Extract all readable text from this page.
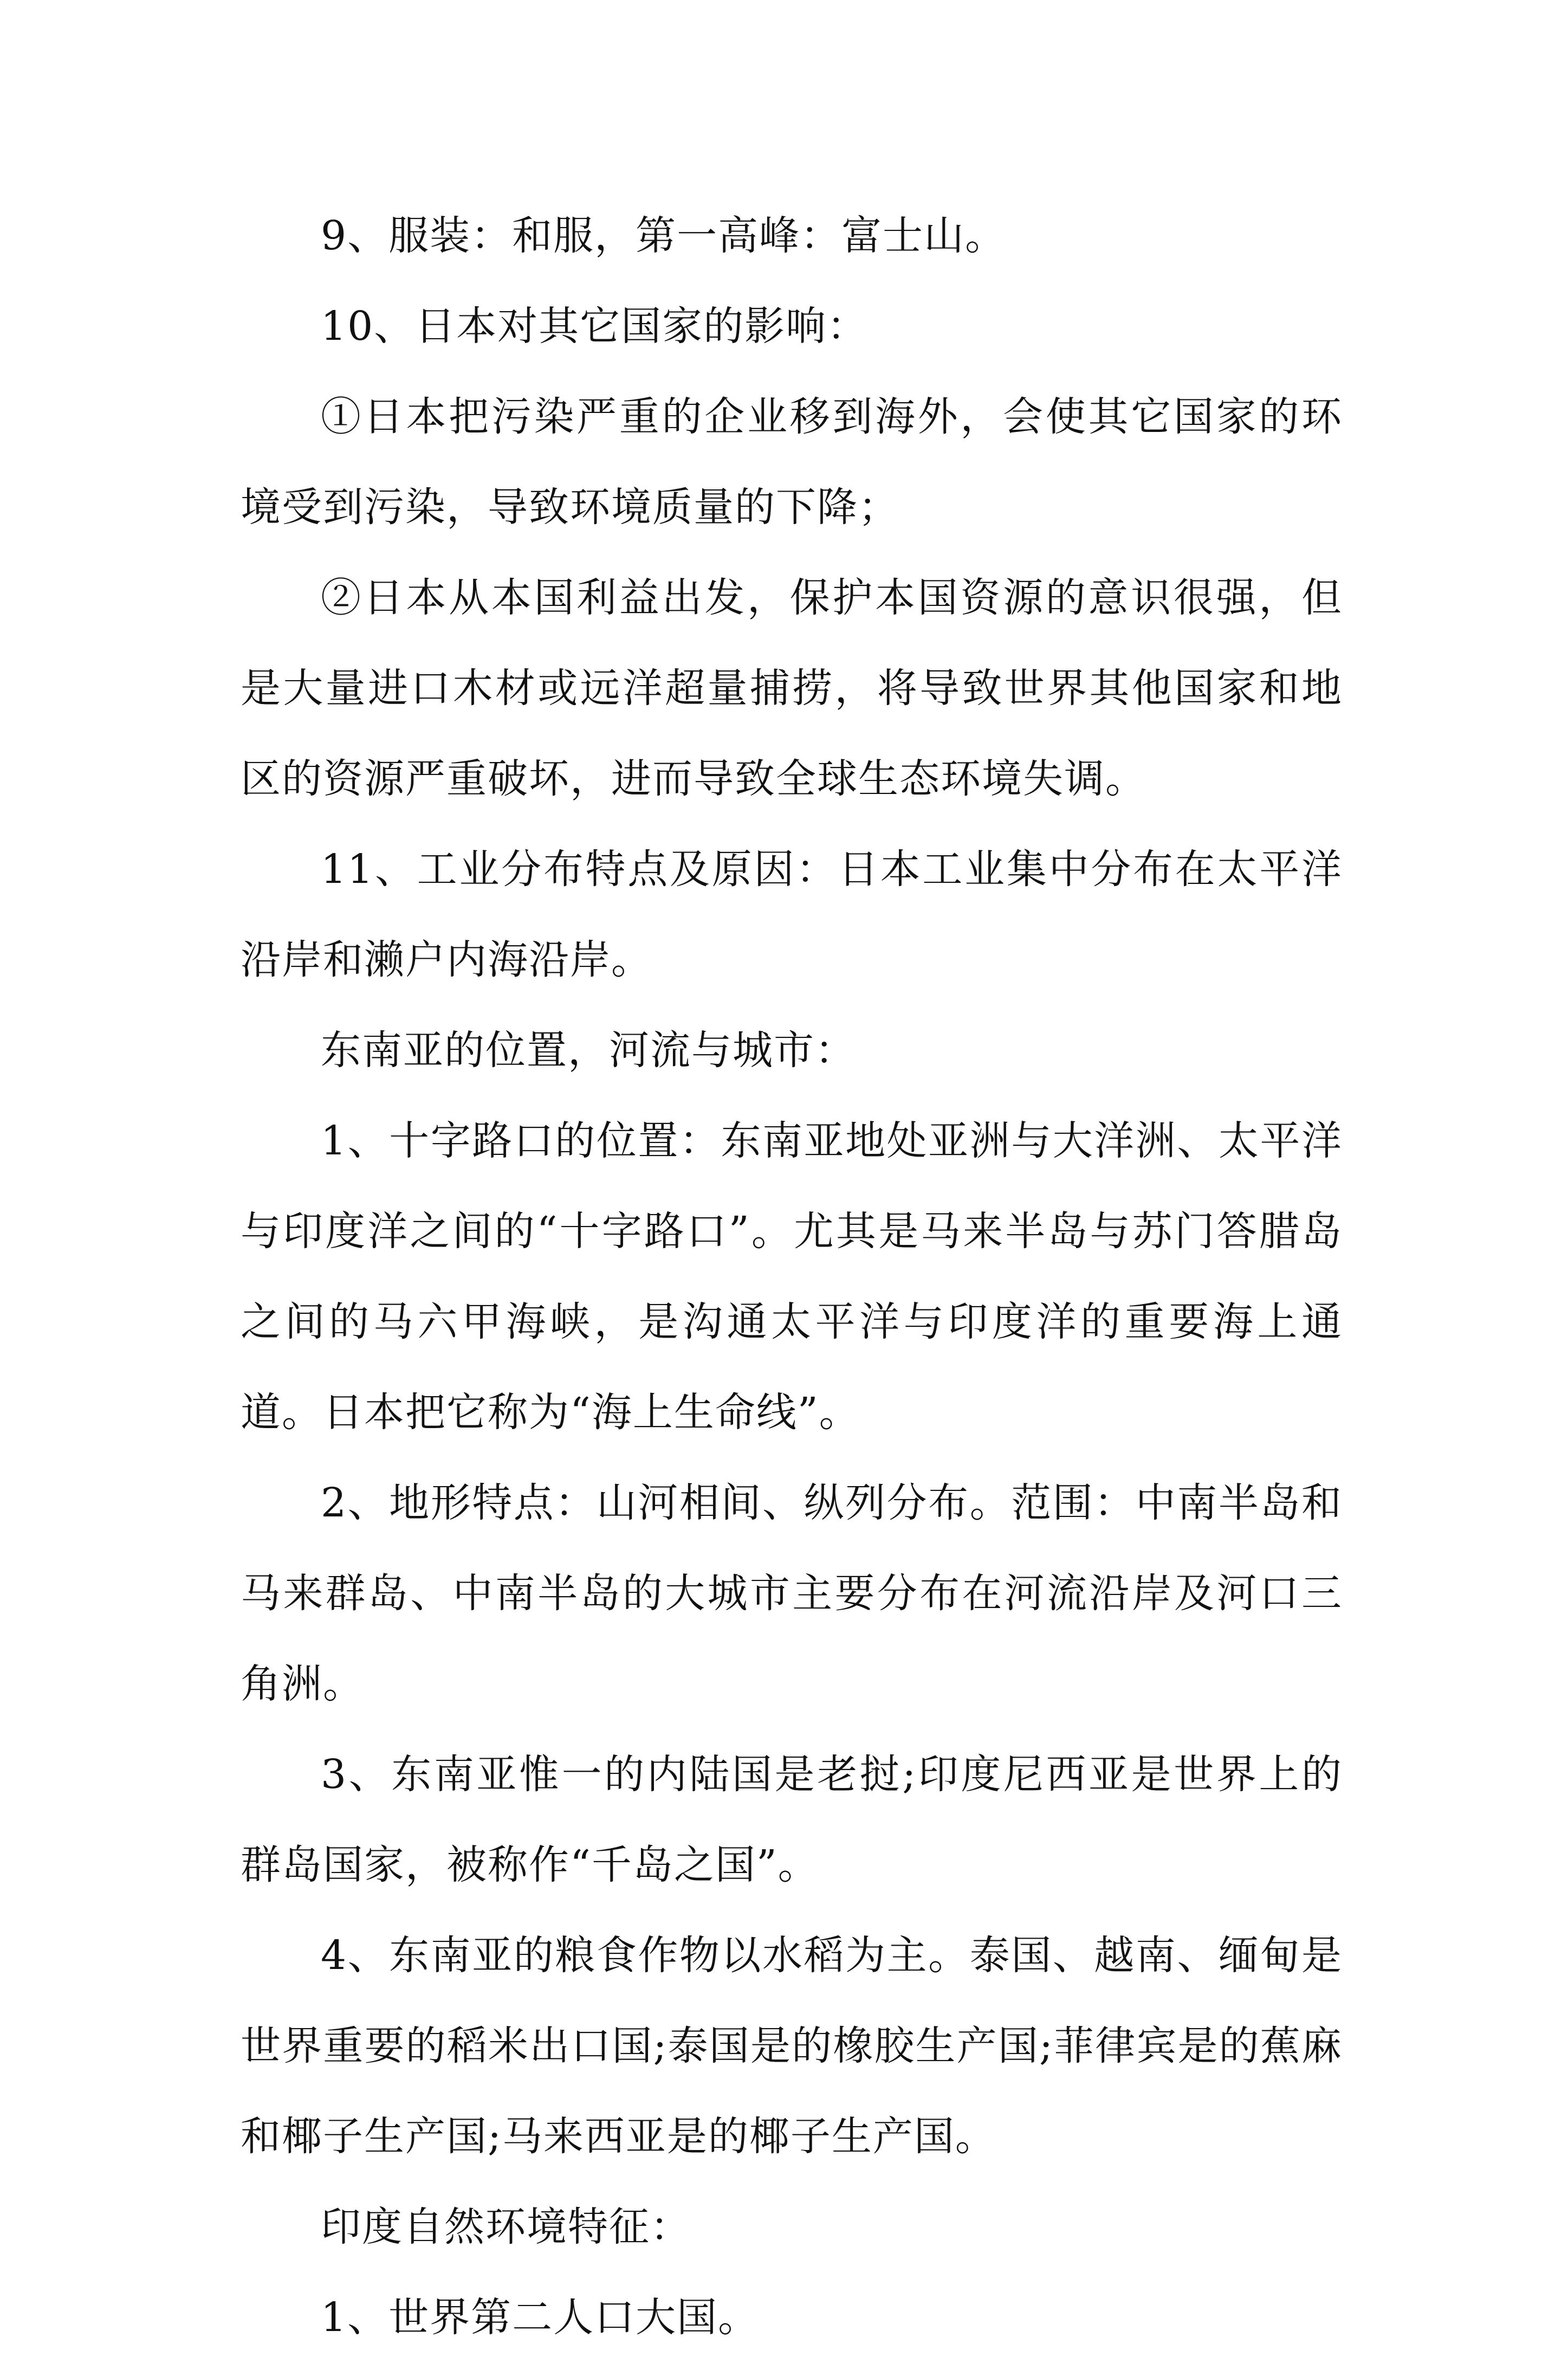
9、服装：和服，第一高峰：富士山。

10、日本对其它国家的影响：

①日本把污染严重的企业移到海外，会使其它国家的环境受到污染，导致环境质量的下降；

②日本从本国利益出发，保护本国资源的意识很强，但是大量进口木材或远洋超量捕捞，将导致世界其他国家和地区的资源严重破坏，进而导致全球生态环境失调。

11、工业分布特点及原因：日本工业集中分布在太平洋沿岸和濑户内海沿岸。

东南亚的位置，河流与城市：

1、十字路口的位置：东南亚地处亚洲与大洋洲、太平洋与印度洋之间的“十字路口”。尤其是马来半岛与苏门答腊岛之间的马六甲海峡，是沟通太平洋与印度洋的重要海上通道。日本把它称为“海上生命线”。

2、地形特点：山河相间、纵列分布。范围：中南半岛和马来群岛、中南半岛的大城市主要分布在河流沿岸及河口三角洲。

3、东南亚惟一的内陆国是老挝;印度尼西亚是世界上的群岛国家，被称作“千岛之国”。

4、东南亚的粮食作物以水稻为主。泰国、越南、缅甸是世界重要的稻米出口国;泰国是的橡胶生产国;菲律宾是的蕉麻和椰子生产国;马来西亚是的椰子生产国。

印度自然环境特征：

1、世界第二人口大国。
